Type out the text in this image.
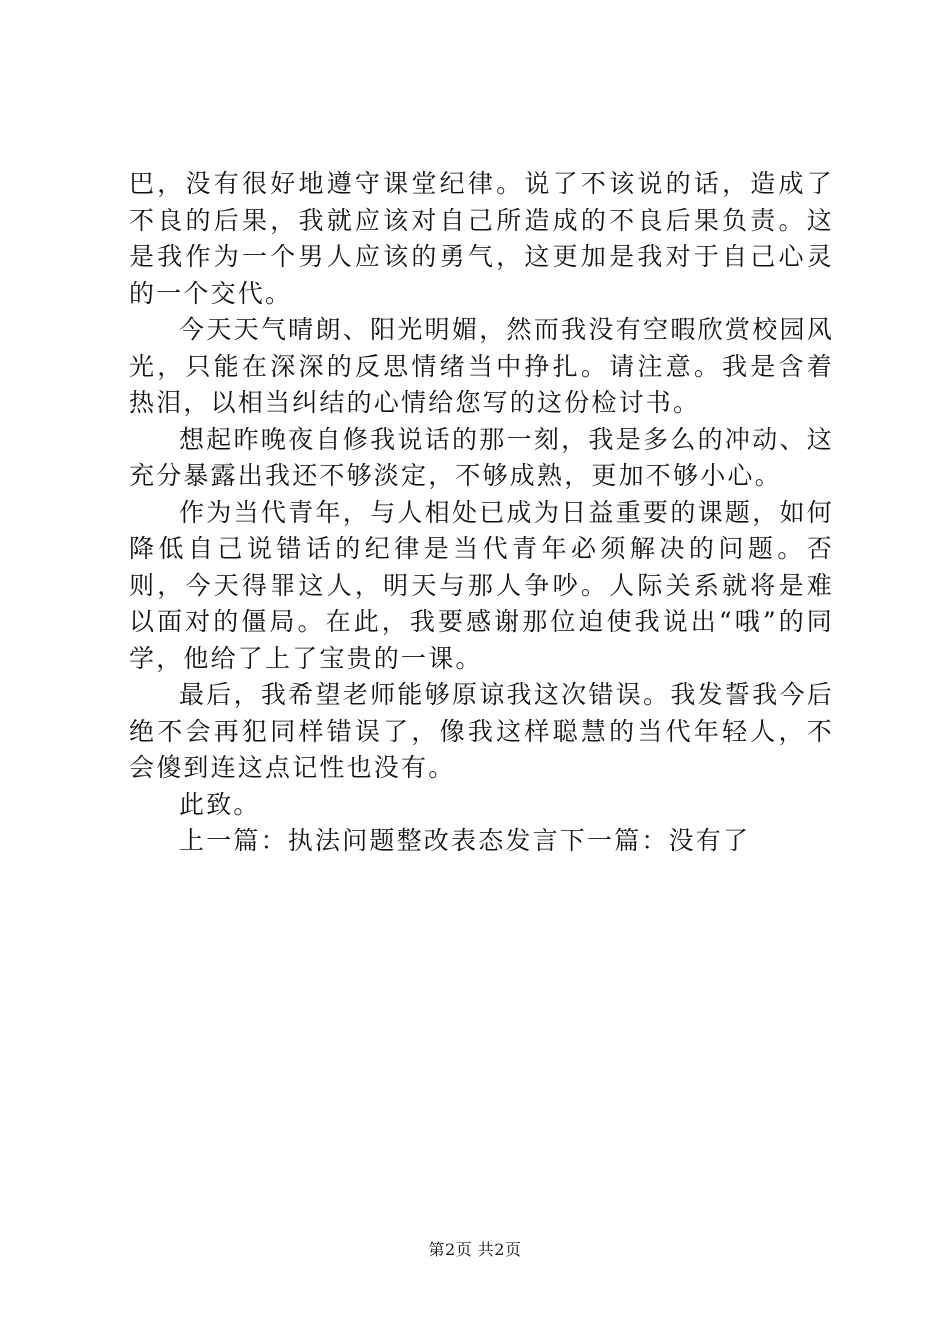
巴，没有很好地遵守课堂纪律。说了不该说的话，造成了不良的后果，我就应该对自己所造成的不良后果负责。这是我作为一个男人应该的勇气，这更加是我对于自己心灵的一个交代。

今天天气晴朗、阳光明媚，然而我没有空暇欣赏校园风光，只能在深深的反思情绪当中挣扎。请注意。我是含着热泪，以相当纠结的心情给您写的这份检讨书。

想起昨晚夜自修我说话的那一刻，我是多么的冲动、这充分暴露出我还不够淡定，不够成熟，更加不够小心。

作为当代青年，与人相处已成为日益重要的课题，如何降低自己说错话的纪律是当代青年必须解决的问题。否则，今天得罪这人，明天与那人争吵。人际关系就将是难以面对的僵局。在此，我要感谢那位迫使我说出“哦”的同学，他给了上了宝贵的一课。

最后，我希望老师能够原谅我这次错误。我发誓我今后绝不会再犯同样错误了，像我这样聪慧的当代年轻人，不会傻到连这点记性也没有。

此致。

上一篇：执法问题整改表态发言下一篇：没有了

第2页 共2页
